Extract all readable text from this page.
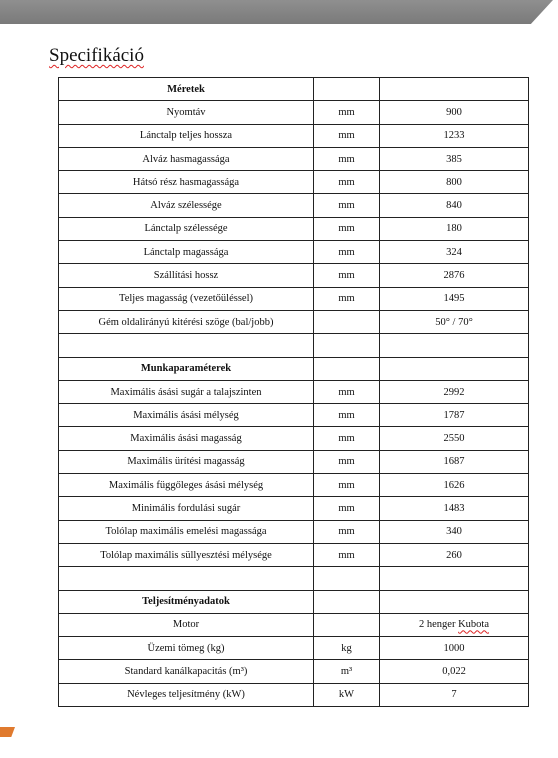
Specifikáció
Méretek		
Nyomtáv	mm	900
Lánctalp teljes hossza	mm	1233
Alváz hasmagassága	mm	385
Hátsó rész hasmagassága	mm	800
Alváz szélessége	mm	840
Lánctalp szélessége	mm	180
Lánctalp magassága	mm	324
Szállítási hossz	mm	2876
Teljes magasság (vezetőüléssel)	mm	1495
Gém oldalirányú kitérési szöge (bal/jobb)		50° / 70°

Munkaparaméterek		
Maximális ásási sugár a talajszinten	mm	2992
Maximális ásási mélység	mm	1787
Maximális ásási magasság	mm	2550
Maximális ürítési magasság	mm	1687
Maximális függőleges ásási mélység	mm	1626
Minimális fordulási sugár	mm	1483
Tolólap maximális emelési magassága	mm	340
Tolólap maximális süllyesztési mélysége	mm	260

Teljesítményadatok		
Motor		2 henger Kubota
Üzemi tömeg (kg)	kg	1000
Standard kanálkapacitás (m³)	m³	0,022
Névleges teljesítmény (kW)	kW	7
